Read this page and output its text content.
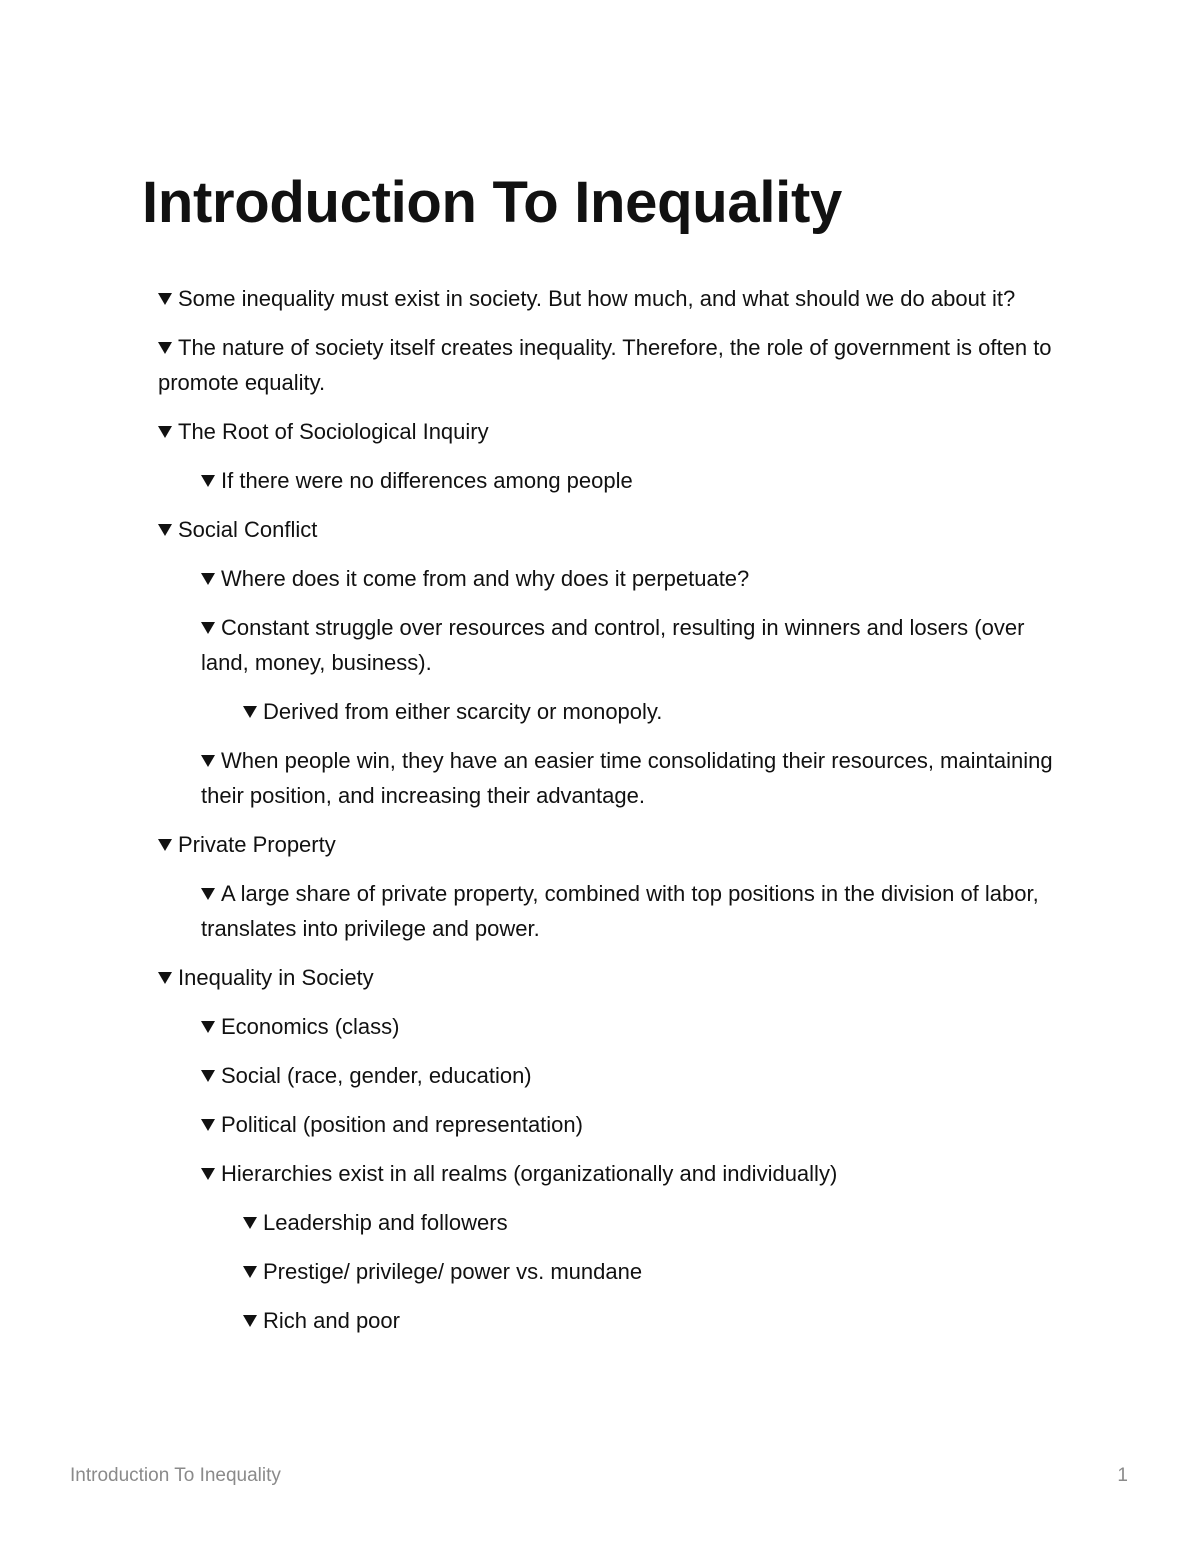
Introduction To Inequality
Some inequality must exist in society. But how much, and what should we do about it?
The nature of society itself creates inequality. Therefore, the role of government is often to promote equality.
The Root of Sociological Inquiry
If there were no differences among people
Social Conflict
Where does it come from and why does it perpetuate?
Constant struggle over resources and control, resulting in winners and losers (over land, money, business).
Derived from either scarcity or monopoly.
When people win, they have an easier time consolidating their resources, maintaining their position, and increasing their advantage.
Private Property
A large share of private property, combined with top positions in the division of labor, translates into privilege and power.
Inequality in Society
Economics (class)
Social (race, gender, education)
Political (position and representation)
Hierarchies exist in all realms (organizationally and individually)
Leadership and followers
Prestige/ privilege/ power vs. mundane
Rich and poor
Introduction To Inequality	1
